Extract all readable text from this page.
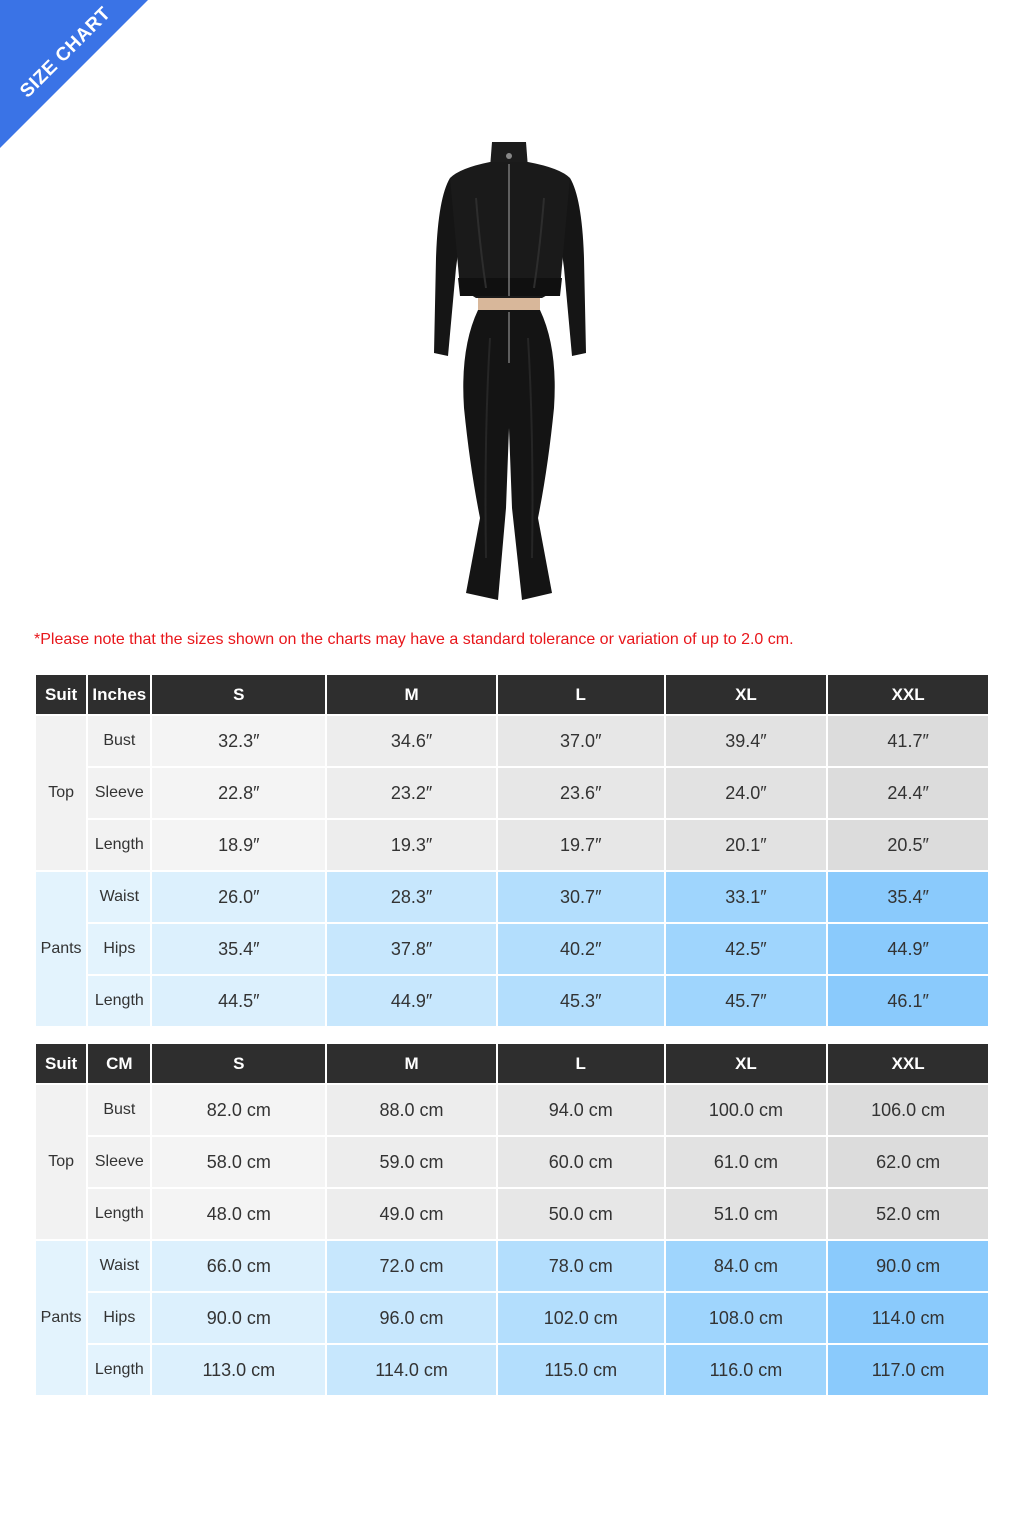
SIZE CHART
*Please note that the sizes shown on the charts may have a standard tolerance or variation of up to 2.0 cm.
Suit	Inches	S	M	L	XL	XXL
Top	Bust	32.3″	34.6″	37.0″	39.4″	41.7″
	Sleeve	22.8″	23.2″	23.6″	24.0″	24.4″
	Length	18.9″	19.3″	19.7″	20.1″	20.5″
Pants	Waist	26.0″	28.3″	30.7″	33.1″	35.4″
	Hips	35.4″	37.8″	40.2″	42.5″	44.9″
	Length	44.5″	44.9″	45.3″	45.7″	46.1″
Suit	CM	S	M	L	XL	XXL
Top	Bust	82.0 cm	88.0 cm	94.0 cm	100.0 cm	106.0 cm
	Sleeve	58.0 cm	59.0 cm	60.0 cm	61.0 cm	62.0 cm
	Length	48.0 cm	49.0 cm	50.0 cm	51.0 cm	52.0 cm
Pants	Waist	66.0 cm	72.0 cm	78.0 cm	84.0 cm	90.0 cm
	Hips	90.0 cm	96.0 cm	102.0 cm	108.0 cm	114.0 cm
	Length	113.0 cm	114.0 cm	115.0 cm	116.0 cm	117.0 cm
